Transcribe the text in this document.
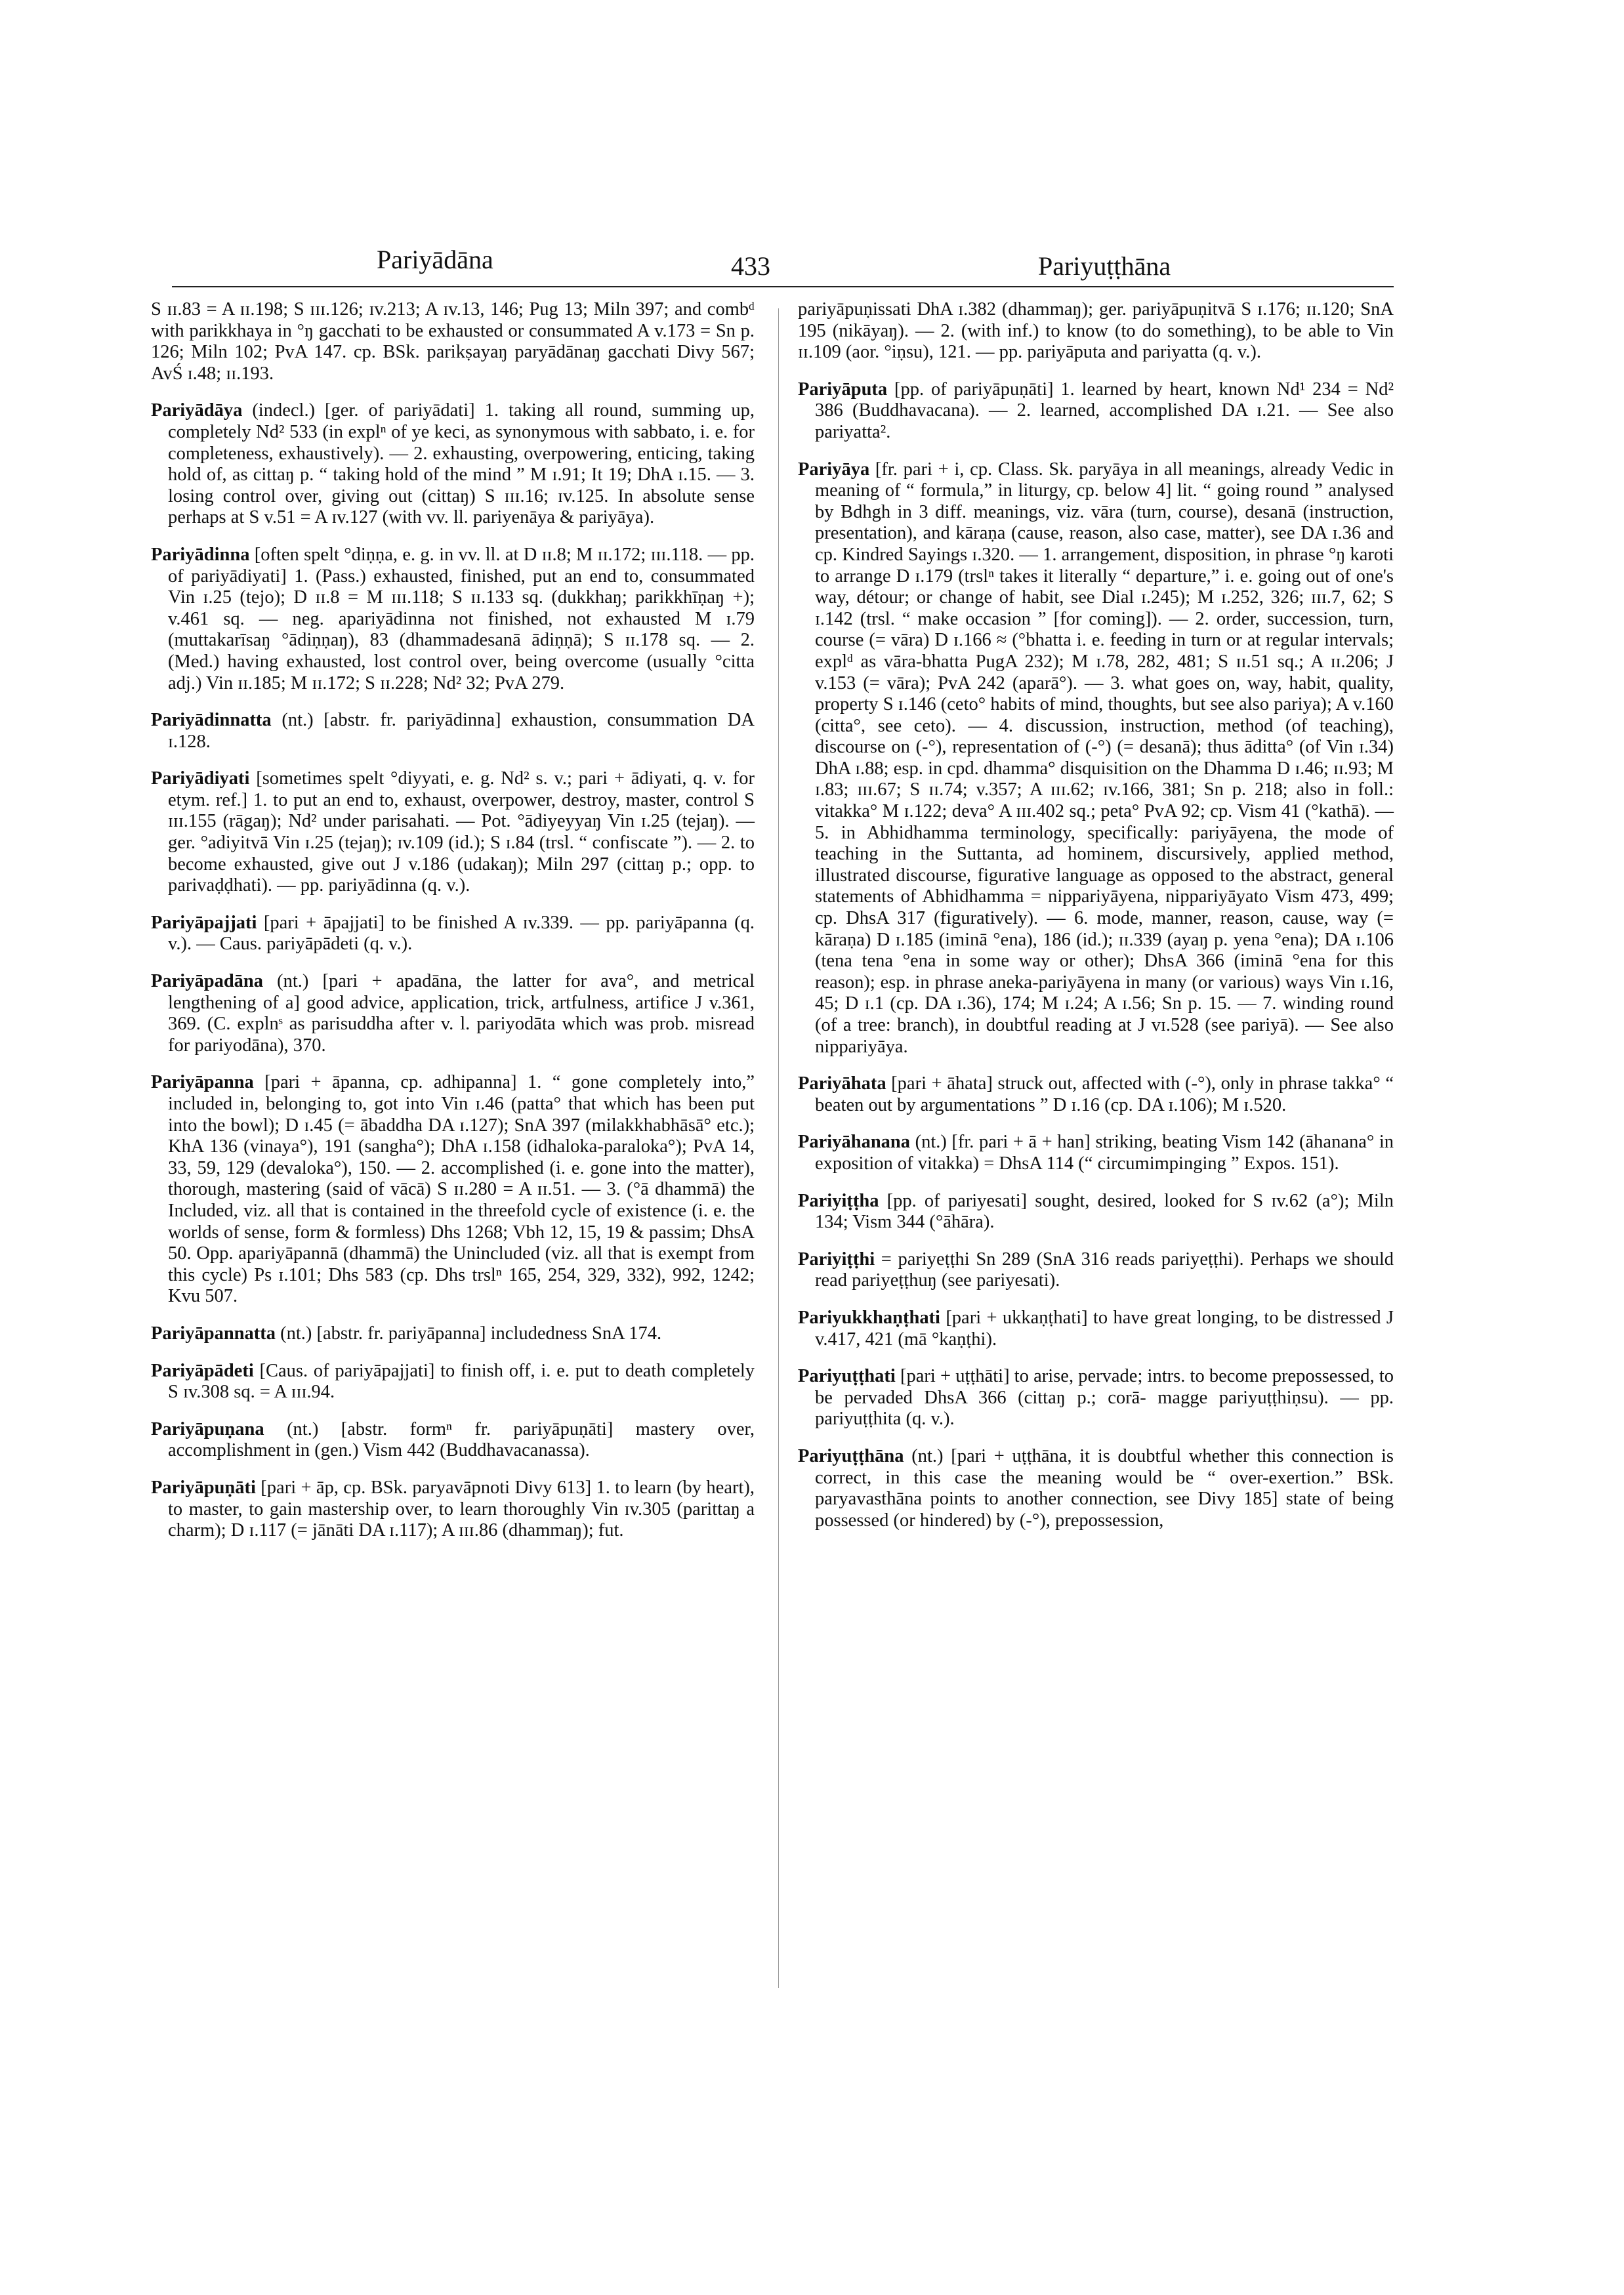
Pariyādāna	433	Pariyuṭṭhāna

S ɪɪ.83 = A ɪɪ.198; S ɪɪɪ.126; ɪv.213; A ɪv.13, 146; Pug 13; Miln 397; and combᵈ with parikkhaya in °ŋ gacchati to be exhausted or consummated A v.173 = Sn p. 126; Miln 102; PvA 147. cp. BSk. parikṣayaŋ paryādānaŋ gacchati Divy 567; AvŚ ɪ.48; ɪɪ.193.

Pariyādāya (indecl.) [ger. of pariyādati] 1. taking all round, summing up, completely Nd² 533 (in explⁿ of ye keci, as synonymous with sabbato, i. e. for completeness, exhaustively). — 2. exhausting, overpowering, enticing, taking hold of, as cittaŋ p. “ taking hold of the mind ” M ɪ.91; It 19; DhA ɪ.15. — 3. losing control over, giving out (cittaŋ) S ɪɪɪ.16; ɪv.125. In absolute sense perhaps at S v.51 = A ɪv.127 (with vv. ll. pariyenāya & pariyāya).

Pariyādinna [often spelt °diṇṇa, e. g. in vv. ll. at D ɪɪ.8; M ɪɪ.172; ɪɪɪ.118. — pp. of pariyādiyati] 1. (Pass.) exhausted, finished, put an end to, consummated Vin ɪ.25 (tejo); D ɪɪ.8 = M ɪɪɪ.118; S ɪɪ.133 sq. (dukkhaŋ; parikkhīṇaŋ +); v.461 sq. — neg. apariyādinna not finished, not exhausted M ɪ.79 (muttakarīsaŋ °ādiṇṇaŋ), 83 (dhammadesanā ādiṇṇā); S ɪɪ.178 sq. — 2. (Med.) having exhausted, lost control over, being overcome (usually °citta adj.) Vin ɪɪ.185; M ɪɪ.172; S ɪɪ.228; Nd² 32; PvA 279.

Pariyādinnatta (nt.) [abstr. fr. pariyādinna] exhaustion, consummation DA ɪ.128.

Pariyādiyati [sometimes spelt °diyyati, e. g. Nd² s. v.; pari + ādiyati, q. v. for etym. ref.] 1. to put an end to, exhaust, overpower, destroy, master, control S ɪɪɪ.155 (rāgaŋ); Nd² under parisahati. — Pot. °ādiyeyyaŋ Vin ɪ.25 (tejaŋ). — ger. °adiyitvā Vin ɪ.25 (tejaŋ); ɪv.109 (id.); S ɪ.84 (trsl. “ confiscate ”). — 2. to become exhausted, give out J v.186 (udakaŋ); Miln 297 (cittaŋ p.; opp. to parivaḍḍhati). — pp. pariyādinna (q. v.).

Pariyāpajjati [pari + āpajjati] to be finished A ɪv.339. — pp. pariyāpanna (q. v.). — Caus. pariyāpādeti (q. v.).

Pariyāpadāna (nt.) [pari + apadāna, the latter for ava°, and metrical lengthening of a] good advice, application, trick, artfulness, artifice J v.361, 369. (C. explnˢ as parisuddha after v. l. pariyodāta which was prob. misread for pariyodāna), 370.

Pariyāpanna [pari + āpanna, cp. adhipanna] 1. “ gone completely into,” included in, belonging to, got into Vin ɪ.46 (patta° that which has been put into the bowl); D ɪ.45 (= ābaddha DA ɪ.127); SnA 397 (milakkhabhāsā° etc.); KhA 136 (vinaya°), 191 (sangha°); DhA ɪ.158 (idhaloka-paraloka°); PvA 14, 33, 59, 129 (devaloka°), 150. — 2. accomplished (i. e. gone into the matter), thorough, mastering (said of vācā) S ɪɪ.280 = A ɪɪ.51. — 3. (°ā dhammā) the Included, viz. all that is contained in the threefold cycle of existence (i. e. the worlds of sense, form & formless) Dhs 1268; Vbh 12, 15, 19 & passim; DhsA 50. Opp. apariyāpannā (dhammā) the Unincluded (viz. all that is exempt from this cycle) Ps ɪ.101; Dhs 583 (cp. Dhs trslⁿ 165, 254, 329, 332), 992, 1242; Kvu 507.

Pariyāpannatta (nt.) [abstr. fr. pariyāpanna] includedness SnA 174.

Pariyāpādeti [Caus. of pariyāpajjati] to finish off, i. e. put to death completely S ɪv.308 sq. = A ɪɪɪ.94.

Pariyāpuṇana (nt.) [abstr. formⁿ fr. pariyāpuṇāti] mastery over, accomplishment in (gen.) Vism 442 (Buddhavacanassa).

Pariyāpuṇāti [pari + āp, cp. BSk. paryavāpnoti Divy 613] 1. to learn (by heart), to master, to gain mastership over, to learn thoroughly Vin ɪv.305 (parittaŋ a charm); D ɪ.117 (= jānāti DA ɪ.117); A ɪɪɪ.86 (dhammaŋ); fut.

pariyāpuṇissati DhA ɪ.382 (dhammaŋ); ger. pariyāpuṇitvā S ɪ.176; ɪɪ.120; SnA 195 (nikāyaŋ). — 2. (with inf.) to know (to do something), to be able to Vin ɪɪ.109 (aor. °iṇsu), 121. — pp. pariyāputa and pariyatta (q. v.).

Pariyāputa [pp. of pariyāpuṇāti] 1. learned by heart, known Nd¹ 234 = Nd² 386 (Buddhavacana). — 2. learned, accomplished DA ɪ.21. — See also pariyatta².

Pariyāya [fr. pari + i, cp. Class. Sk. paryāya in all meanings, already Vedic in meaning of “ formula,” in liturgy, cp. below 4] lit. “ going round ” analysed by Bdhgh in 3 diff. meanings, viz. vāra (turn, course), desanā (instruction, presentation), and kāraṇa (cause, reason, also case, matter), see DA ɪ.36 and cp. Kindred Sayings ɪ.320. — 1. arrangement, disposition, in phrase °ŋ karoti to arrange D ɪ.179 (trslⁿ takes it literally “ departure,” i. e. going out of one's way, détour; or change of habit, see Dial ɪ.245); M ɪ.252, 326; ɪɪɪ.7, 62; S ɪ.142 (trsl. “ make occasion ” [for coming]). — 2. order, succession, turn, course (= vāra) D ɪ.166 ≈ (°bhatta i. e. feeding in turn or at regular intervals; explᵈ as vāra-bhatta PugA 232); M ɪ.78, 282, 481; S ɪɪ.51 sq.; A ɪɪ.206; J v.153 (= vāra); PvA 242 (aparā°). — 3. what goes on, way, habit, quality, property S ɪ.146 (ceto° habits of mind, thoughts, but see also pariya); A v.160 (citta°, see ceto). — 4. discussion, instruction, method (of teaching), discourse on (-°), representation of (-°) (= desanā); thus āditta° (of Vin ɪ.34) DhA ɪ.88; esp. in cpd. dhamma° disquisition on the Dhamma D ɪ.46; ɪɪ.93; M ɪ.83; ɪɪɪ.67; S ɪɪ.74; v.357; A ɪɪɪ.62; ɪv.166, 381; Sn p. 218; also in foll.: vitakka° M ɪ.122; deva° A ɪɪɪ.402 sq.; peta° PvA 92; cp. Vism 41 (°kathā). — 5. in Abhidhamma terminology, specifically: pariyāyena, the mode of teaching in the Suttanta, ad hominem, discursively, applied method, illustrated discourse, figurative language as opposed to the abstract, general statements of Abhidhamma = nippariyāyena, nippariyāyato Vism 473, 499; cp. DhsA 317 (figuratively). — 6. mode, manner, reason, cause, way (= kāraṇa) D ɪ.185 (iminā °ena), 186 (id.); ɪɪ.339 (ayaŋ p. yena °ena); DA ɪ.106 (tena tena °ena in some way or other); DhsA 366 (iminā °ena for this reason); esp. in phrase aneka-pariyāyena in many (or various) ways Vin ɪ.16, 45; D ɪ.1 (cp. DA ɪ.36), 174; M ɪ.24; A ɪ.56; Sn p. 15. — 7. winding round (of a tree: branch), in doubtful reading at J vɪ.528 (see pariyā). — See also nippariyāya.

Pariyāhata [pari + āhata] struck out, affected with (-°), only in phrase takka° “ beaten out by argumentations ” D ɪ.16 (cp. DA ɪ.106); M ɪ.520.

Pariyāhanana (nt.) [fr. pari + ā + han] striking, beating Vism 142 (āhanana° in exposition of vitakka) = DhsA 114 (“ circumimpinging ” Expos. 151).

Pariyiṭṭha [pp. of pariyesati] sought, desired, looked for S ɪv.62 (a°); Miln 134; Vism 344 (°āhāra).

Pariyiṭṭhi = pariyeṭṭhi Sn 289 (SnA 316 reads pariyeṭṭhi). Perhaps we should read pariyeṭṭhuŋ (see pariyesati).

Pariyukkhaṇṭhati [pari + ukkaṇṭhati] to have great longing, to be distressed J v.417, 421 (mā °kaṇṭhi).

Pariyuṭṭhati [pari + uṭṭhāti] to arise, pervade; intrs. to become prepossessed, to be pervaded DhsA 366 (cittaŋ p.; corā- magge pariyuṭṭhiṇsu). — pp. pariyuṭṭhita (q. v.).

Pariyuṭṭhāna (nt.) [pari + uṭṭhāna, it is doubtful whether this connection is correct, in this case the meaning would be “ over-exertion.” BSk. paryavasthāna points to another connection, see Divy 185] state of being possessed (or hindered) by (-°), prepossession,
